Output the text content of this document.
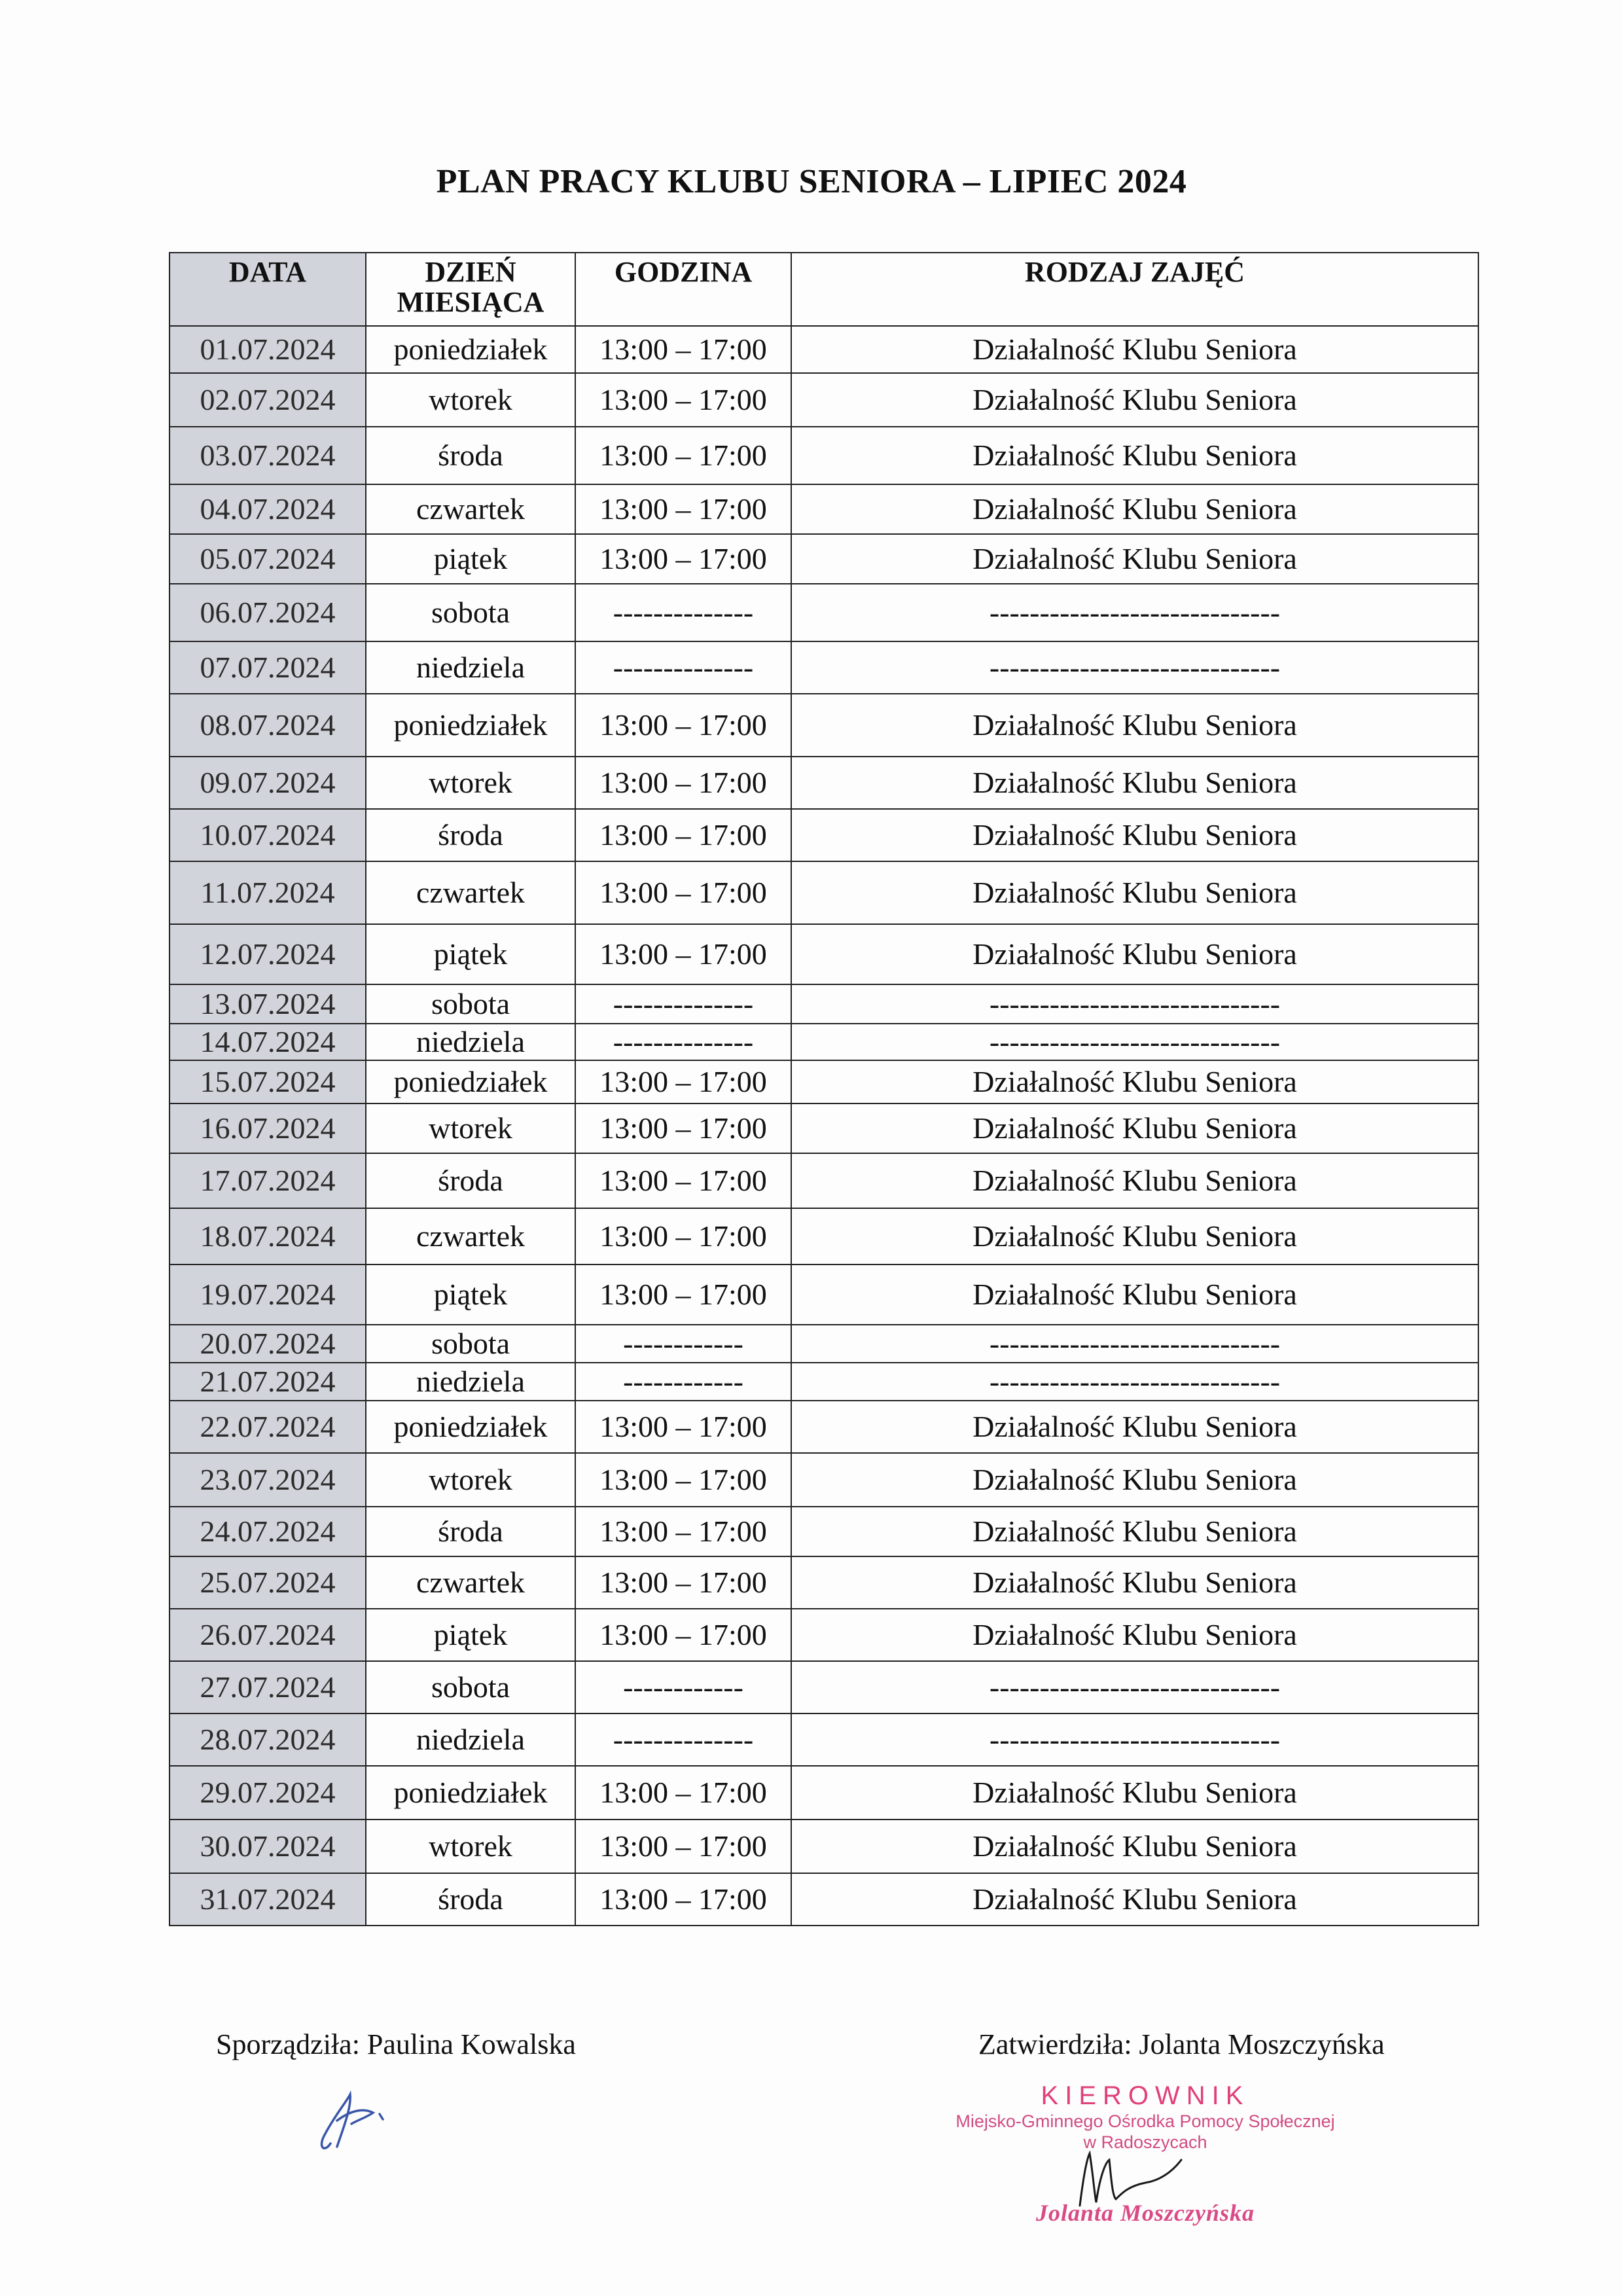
PLAN PRACY KLUBU SENIORA – LIPIEC 2024
DATA	DZIEŃ MIESIĄCA	GODZINA	RODZAJ ZAJĘĆ
01.07.2024	poniedziałek	13:00 – 17:00	Działalność Klubu Seniora
02.07.2024	wtorek	13:00 – 17:00	Działalność Klubu Seniora
03.07.2024	środa	13:00 – 17:00	Działalność Klubu Seniora
04.07.2024	czwartek	13:00 – 17:00	Działalność Klubu Seniora
05.07.2024	piątek	13:00 – 17:00	Działalność Klubu Seniora
06.07.2024	sobota	--------------	-----------------------------
07.07.2024	niedziela	--------------	-----------------------------
08.07.2024	poniedziałek	13:00 – 17:00	Działalność Klubu Seniora
09.07.2024	wtorek	13:00 – 17:00	Działalność Klubu Seniora
10.07.2024	środa	13:00 – 17:00	Działalność Klubu Seniora
11.07.2024	czwartek	13:00 – 17:00	Działalność Klubu Seniora
12.07.2024	piątek	13:00 – 17:00	Działalność Klubu Seniora
13.07.2024	sobota	--------------	-----------------------------
14.07.2024	niedziela	--------------	-----------------------------
15.07.2024	poniedziałek	13:00 – 17:00	Działalność Klubu Seniora
16.07.2024	wtorek	13:00 – 17:00	Działalność Klubu Seniora
17.07.2024	środa	13:00 – 17:00	Działalność Klubu Seniora
18.07.2024	czwartek	13:00 – 17:00	Działalność Klubu Seniora
19.07.2024	piątek	13:00 – 17:00	Działalność Klubu Seniora
20.07.2024	sobota	------------	-----------------------------
21.07.2024	niedziela	------------	-----------------------------
22.07.2024	poniedziałek	13:00 – 17:00	Działalność Klubu Seniora
23.07.2024	wtorek	13:00 – 17:00	Działalność Klubu Seniora
24.07.2024	środa	13:00 – 17:00	Działalność Klubu Seniora
25.07.2024	czwartek	13:00 – 17:00	Działalność Klubu Seniora
26.07.2024	piątek	13:00 – 17:00	Działalność Klubu Seniora
27.07.2024	sobota	------------	-----------------------------
28.07.2024	niedziela	--------------	-----------------------------
29.07.2024	poniedziałek	13:00 – 17:00	Działalność Klubu Seniora
30.07.2024	wtorek	13:00 – 17:00	Działalność Klubu Seniora
31.07.2024	środa	13:00 – 17:00	Działalność Klubu Seniora
Sporządziła: Paulina Kowalska	Zatwierdziła: Jolanta Moszczyńska
KIEROWNIK
Miejsko-Gminnego Ośrodka Pomocy Społecznej
w Radoszycach
Jolanta Moszczyńska
